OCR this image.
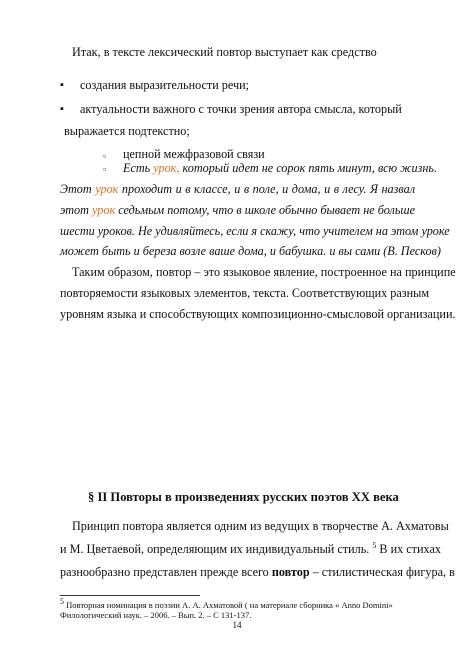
Итак, в тексте лексический повтор выступает как средство
▪ создания выразительности речи;
▪ актуальности важного с точки зрения автора смысла, который
выражается подтекстно;
▫ цепной межфразовой связи
▫ Есть урок, который идет не сорок пять минут, всю жизнь.
Этот урок проходит и в классе, и в поле, и дома, и в лесу. Я назвал
этот урок седьмым потому, что в школе обычно бывает не больше
шести уроков. Не удивляйтесь, если я скажу, что учителем на этом уроке
может быть и береза возле ваше дома, и бабушка. и вы сами (В. Песков)
Таким образом, повтор – это языковое явление, построенное на принципе
повторяемости языковых элементов, текста. Соответствующих разным
уровням языка и способствующих композиционно-смысловой организации.
§ II Повторы в произведениях русских поэтов ХХ века
Принцип повтора является одним из ведущих в творчестве А. Ахматовы
и М. Цветаевой, определяющим их индивидуальный стиль. $^5$ В их стихах
разнообразно представлен прежде всего повтор – стилистическая фигура, в
$^5$ Повторная номинация в поэзии А. А. Ахматовой ( на материале сборника « Anno Domini» Филологический наук. – 2006. – Вып. 2. – С 131-137.
14
